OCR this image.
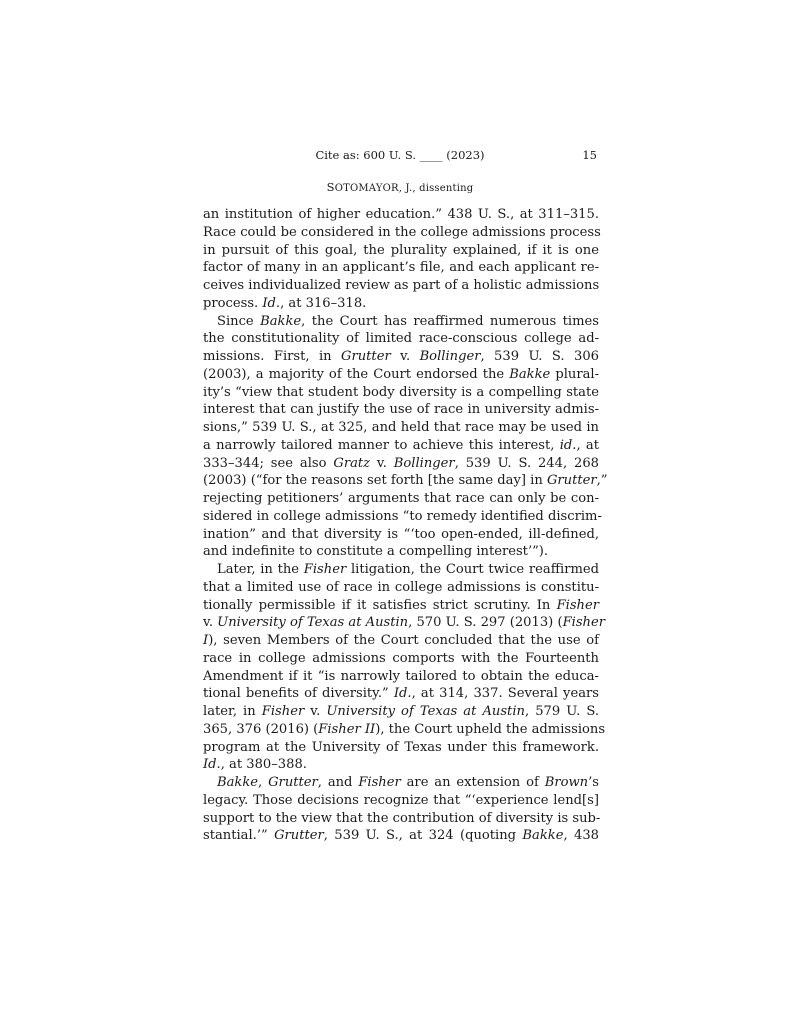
Cite as: 600 U. S. ____ (2023)	15
SOTOMAYOR, J., dissenting
an institution of higher education.” 438 U. S., at 311–315.
Race could be considered in the college admissions process
in pursuit of this goal, the plurality explained, if it is one
factor of many in an applicant’s file, and each applicant re-
ceives individualized review as part of a holistic admissions
process. Id., at 316–318.
Since Bakke, the Court has reaffirmed numerous times
the constitutionality of limited race-conscious college ad-
missions. First, in Grutter v. Bollinger, 539 U. S. 306
(2003), a majority of the Court endorsed the Bakke plural-
ity’s “view that student body diversity is a compelling state
interest that can justify the use of race in university admis-
sions,” 539 U. S., at 325, and held that race may be used in
a narrowly tailored manner to achieve this interest, id., at
333–344; see also Gratz v. Bollinger, 539 U. S. 244, 268
(2003) (“for the reasons set forth [the same day] in Grutter,”
rejecting petitioners’ arguments that race can only be con-
sidered in college admissions “to remedy identified discrim-
ination” and that diversity is “‘too open-ended, ill-defined,
and indefinite to constitute a compelling interest’”).
Later, in the Fisher litigation, the Court twice reaffirmed
that a limited use of race in college admissions is constitu-
tionally permissible if it satisfies strict scrutiny. In Fisher
v. University of Texas at Austin, 570 U. S. 297 (2013) (Fisher
I), seven Members of the Court concluded that the use of
race in college admissions comports with the Fourteenth
Amendment if it “is narrowly tailored to obtain the educa-
tional benefits of diversity.” Id., at 314, 337. Several years
later, in Fisher v. University of Texas at Austin, 579 U. S.
365, 376 (2016) (Fisher II), the Court upheld the admissions
program at the University of Texas under this framework.
Id., at 380–388.
Bakke, Grutter, and Fisher are an extension of Brown’s
legacy. Those decisions recognize that “‘experience lend[s]
support to the view that the contribution of diversity is sub-
stantial.’” Grutter, 539 U. S., at 324 (quoting Bakke, 438
